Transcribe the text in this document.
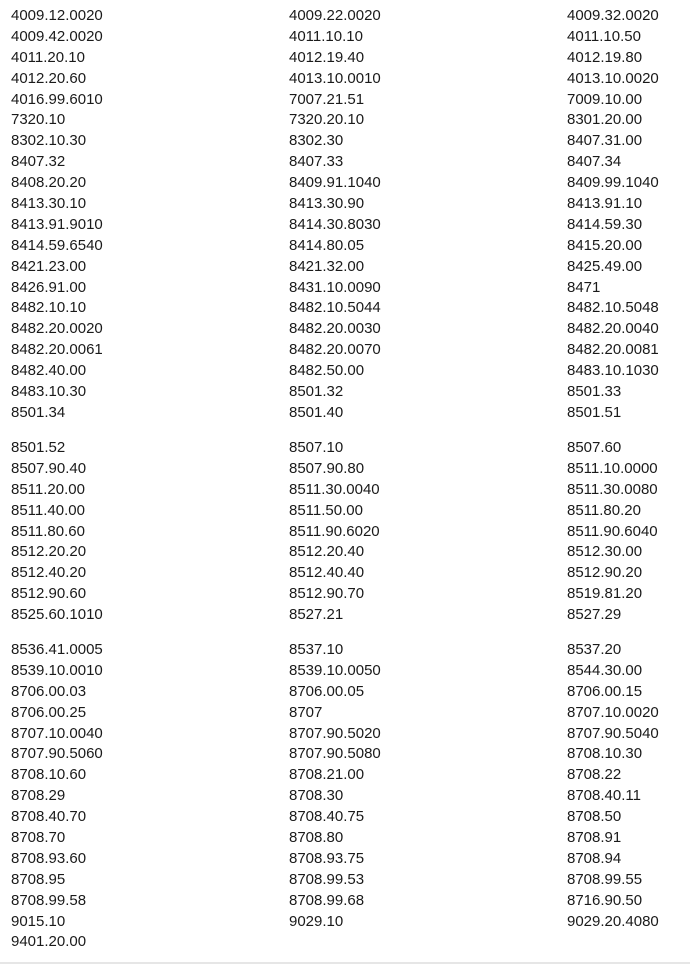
4009.12.0020	4009.22.0020	4009.32.0020
4009.42.0020	4011.10.10	4011.10.50
4011.20.10	4012.19.40	4012.19.80
4012.20.60	4013.10.0010	4013.10.0020
4016.99.6010	7007.21.51	7009.10.00
7320.10	7320.20.10	8301.20.00
8302.10.30	8302.30	8407.31.00
8407.32	8407.33	8407.34
8408.20.20	8409.91.1040	8409.99.1040
8413.30.10	8413.30.90	8413.91.10
8413.91.9010	8414.30.8030	8414.59.30
8414.59.6540	8414.80.05	8415.20.00
8421.23.00	8421.32.00	8425.49.00
8426.91.00	8431.10.0090	8471
8482.10.10	8482.10.5044	8482.10.5048
8482.20.0020	8482.20.0030	8482.20.0040
8482.20.0061	8482.20.0070	8482.20.0081
8482.40.00	8482.50.00	8483.10.1030
8483.10.30	8501.32	8501.33
8501.34	8501.40	8501.51
8501.52	8507.10	8507.60
8507.90.40	8507.90.80	8511.10.0000
8511.20.00	8511.30.0040	8511.30.0080
8511.40.00	8511.50.00	8511.80.20
8511.80.60	8511.90.6020	8511.90.6040
8512.20.20	8512.20.40	8512.30.00
8512.40.20	8512.40.40	8512.90.20
8512.90.60	8512.90.70	8519.81.20
8525.60.1010	8527.21	8527.29
8536.41.0005	8537.10	8537.20
8539.10.0010	8539.10.0050	8544.30.00
8706.00.03	8706.00.05	8706.00.15
8706.00.25	8707	8707.10.0020
8707.10.0040	8707.90.5020	8707.90.5040
8707.90.5060	8707.90.5080	8708.10.30
8708.10.60	8708.21.00	8708.22
8708.29	8708.30	8708.40.11
8708.40.70	8708.40.75	8708.50
8708.70	8708.80	8708.91
8708.93.60	8708.93.75	8708.94
8708.95	8708.99.53	8708.99.55
8708.99.58	8708.99.68	8716.90.50
9015.10	9029.10	9029.20.4080
9401.20.00
